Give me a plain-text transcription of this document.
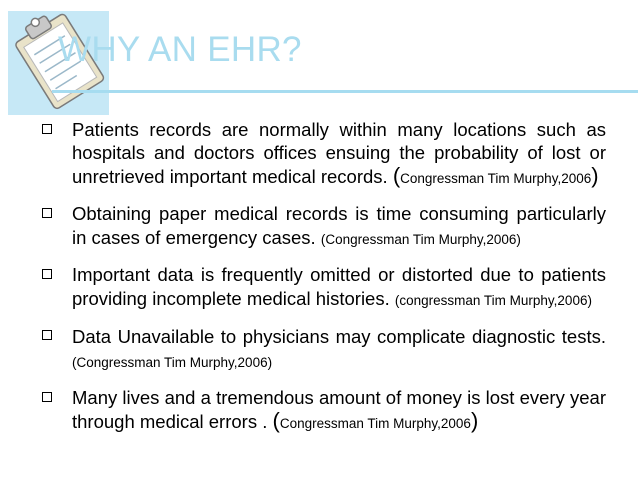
WHY AN EHR?
Patients records are normally within many locations such as hospitals and doctors offices ensuing the probability of lost or unretrieved important medical records. (Congressman Tim Murphy,2006)
Obtaining paper medical records is time consuming particularly in cases of emergency cases. (Congressman Tim Murphy,2006)
Important data is frequently omitted or distorted due to patients providing incomplete medical histories. (congressman Tim Murphy,2006)
Data Unavailable to physicians may complicate diagnostic tests. (Congressman Tim Murphy,2006)
Many lives and a tremendous amount of money is lost every year through medical errors . (Congressman Tim Murphy,2006)
